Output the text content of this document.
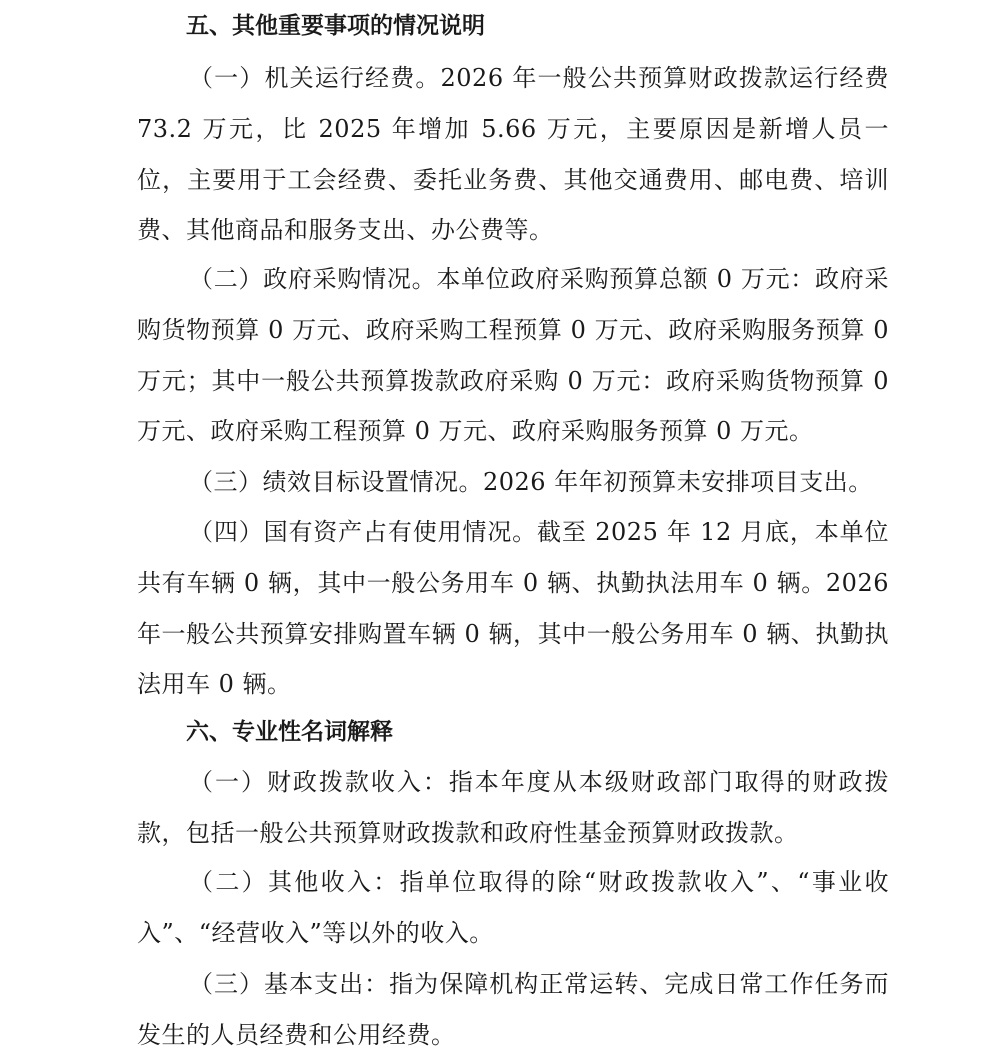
五、其他重要事项的情况说明

（一）机关运行经费。2026 年一般公共预算财政拨款运行经费 73.2 万元，比 2025 年增加 5.66 万元，主要原因是新增人员一位，主要用于工会经费、委托业务费、其他交通费用、邮电费、培训费、其他商品和服务支出、办公费等。

（二）政府采购情况。本单位政府采购预算总额 0 万元：政府采购货物预算 0 万元、政府采购工程预算 0 万元、政府采购服务预算 0 万元；其中一般公共预算拨款政府采购 0 万元：政府采购货物预算 0 万元、政府采购工程预算 0 万元、政府采购服务预算 0 万元。

（三）绩效目标设置情况。2026 年年初预算未安排项目支出。

（四）国有资产占有使用情况。截至 2025 年 12 月底，本单位共有车辆 0 辆，其中一般公务用车 0 辆、执勤执法用车 0 辆。2026 年一般公共预算安排购置车辆 0 辆，其中一般公务用车 0 辆、执勤执法用车 0 辆。

六、专业性名词解释

（一）财政拨款收入：指本年度从本级财政部门取得的财政拨款，包括一般公共预算财政拨款和政府性基金预算财政拨款。

（二）其他收入：指单位取得的除“财政拨款收入”、“事业收入”、“经营收入”等以外的收入。

（三）基本支出：指为保障机构正常运转、完成日常工作任务而发生的人员经费和公用经费。
